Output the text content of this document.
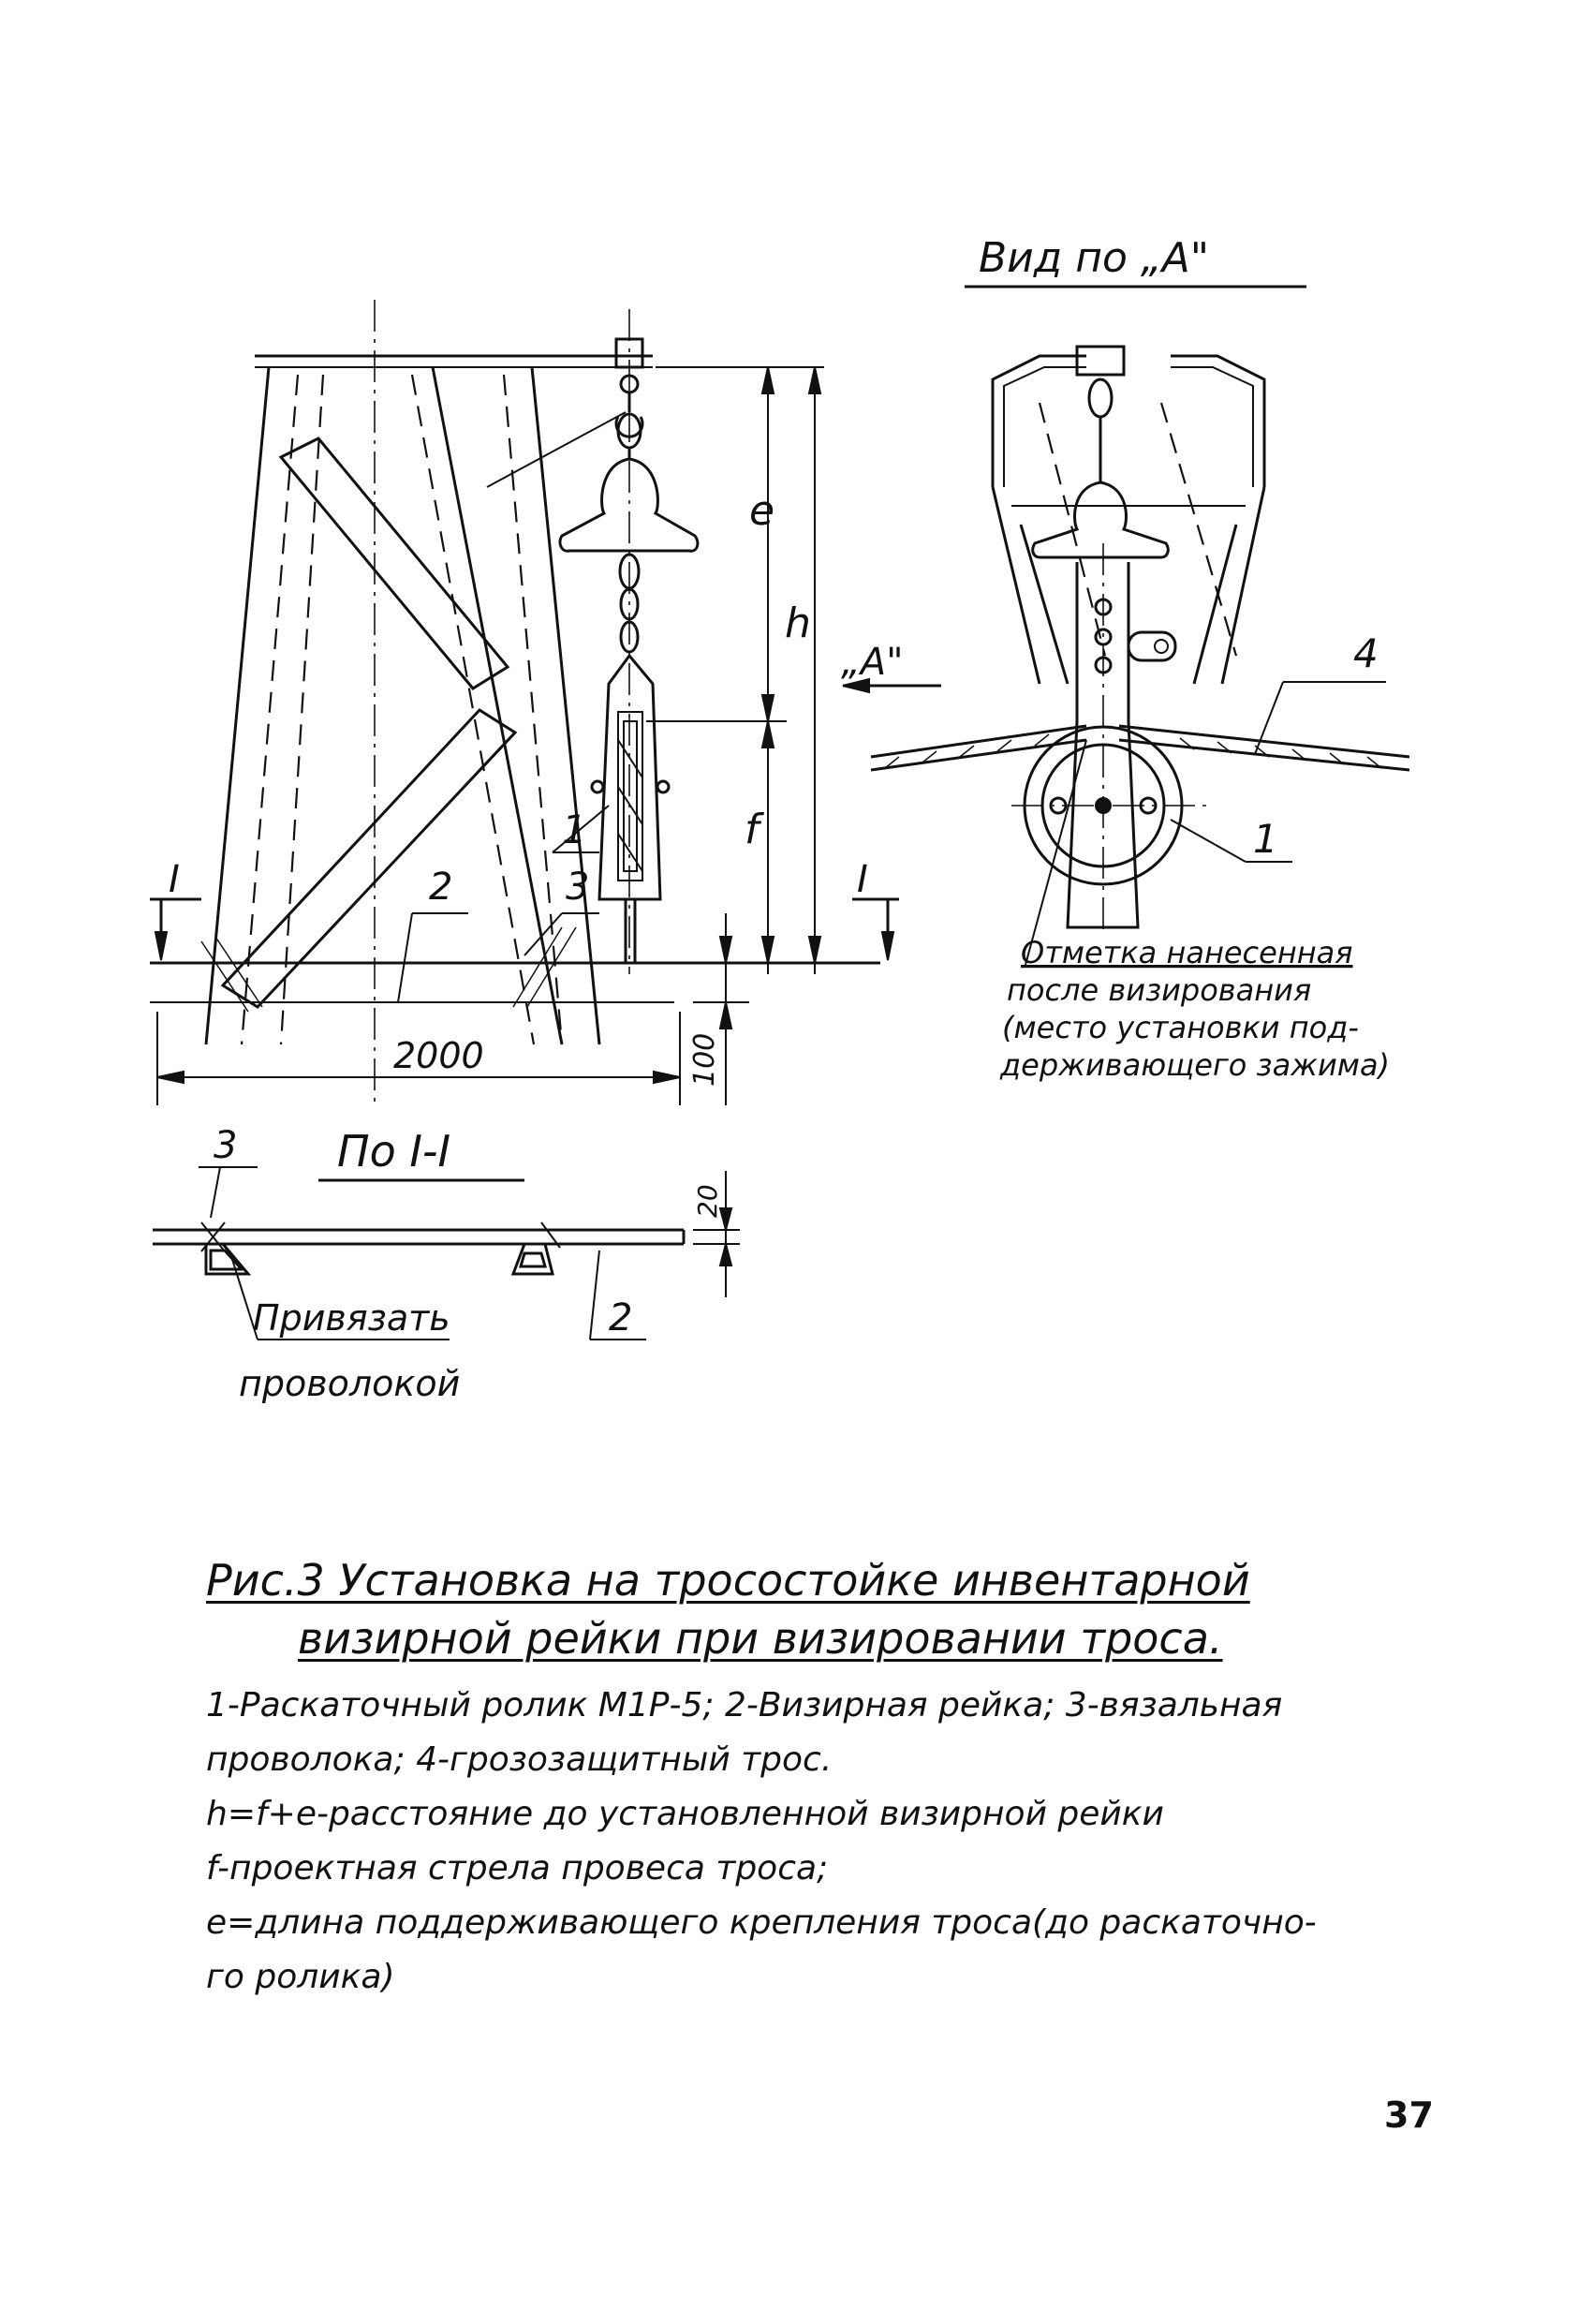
Вид по „А"
4
1
e
h
f
„А"
1
2	3
I	I
2000	100
По I-I
3
2
20
Привязать
проволокой
Отметка нанесенная
после визирования
(место установки под-
держивающего зажима)
Рис.3 Установка на тросостойке инвентарной
визирной рейки при визировании троса.
1-Раскаточный ролик М1Р-5; 2-Визирная рейка; 3-вязальная
проволока; 4-грозозащитный трос.
h=f+e-расстояние до установленной визирной рейки
f-проектная стрела провеса троса;
e=длина поддерживающего крепления троса(до раскаточно-
го ролика)
37
